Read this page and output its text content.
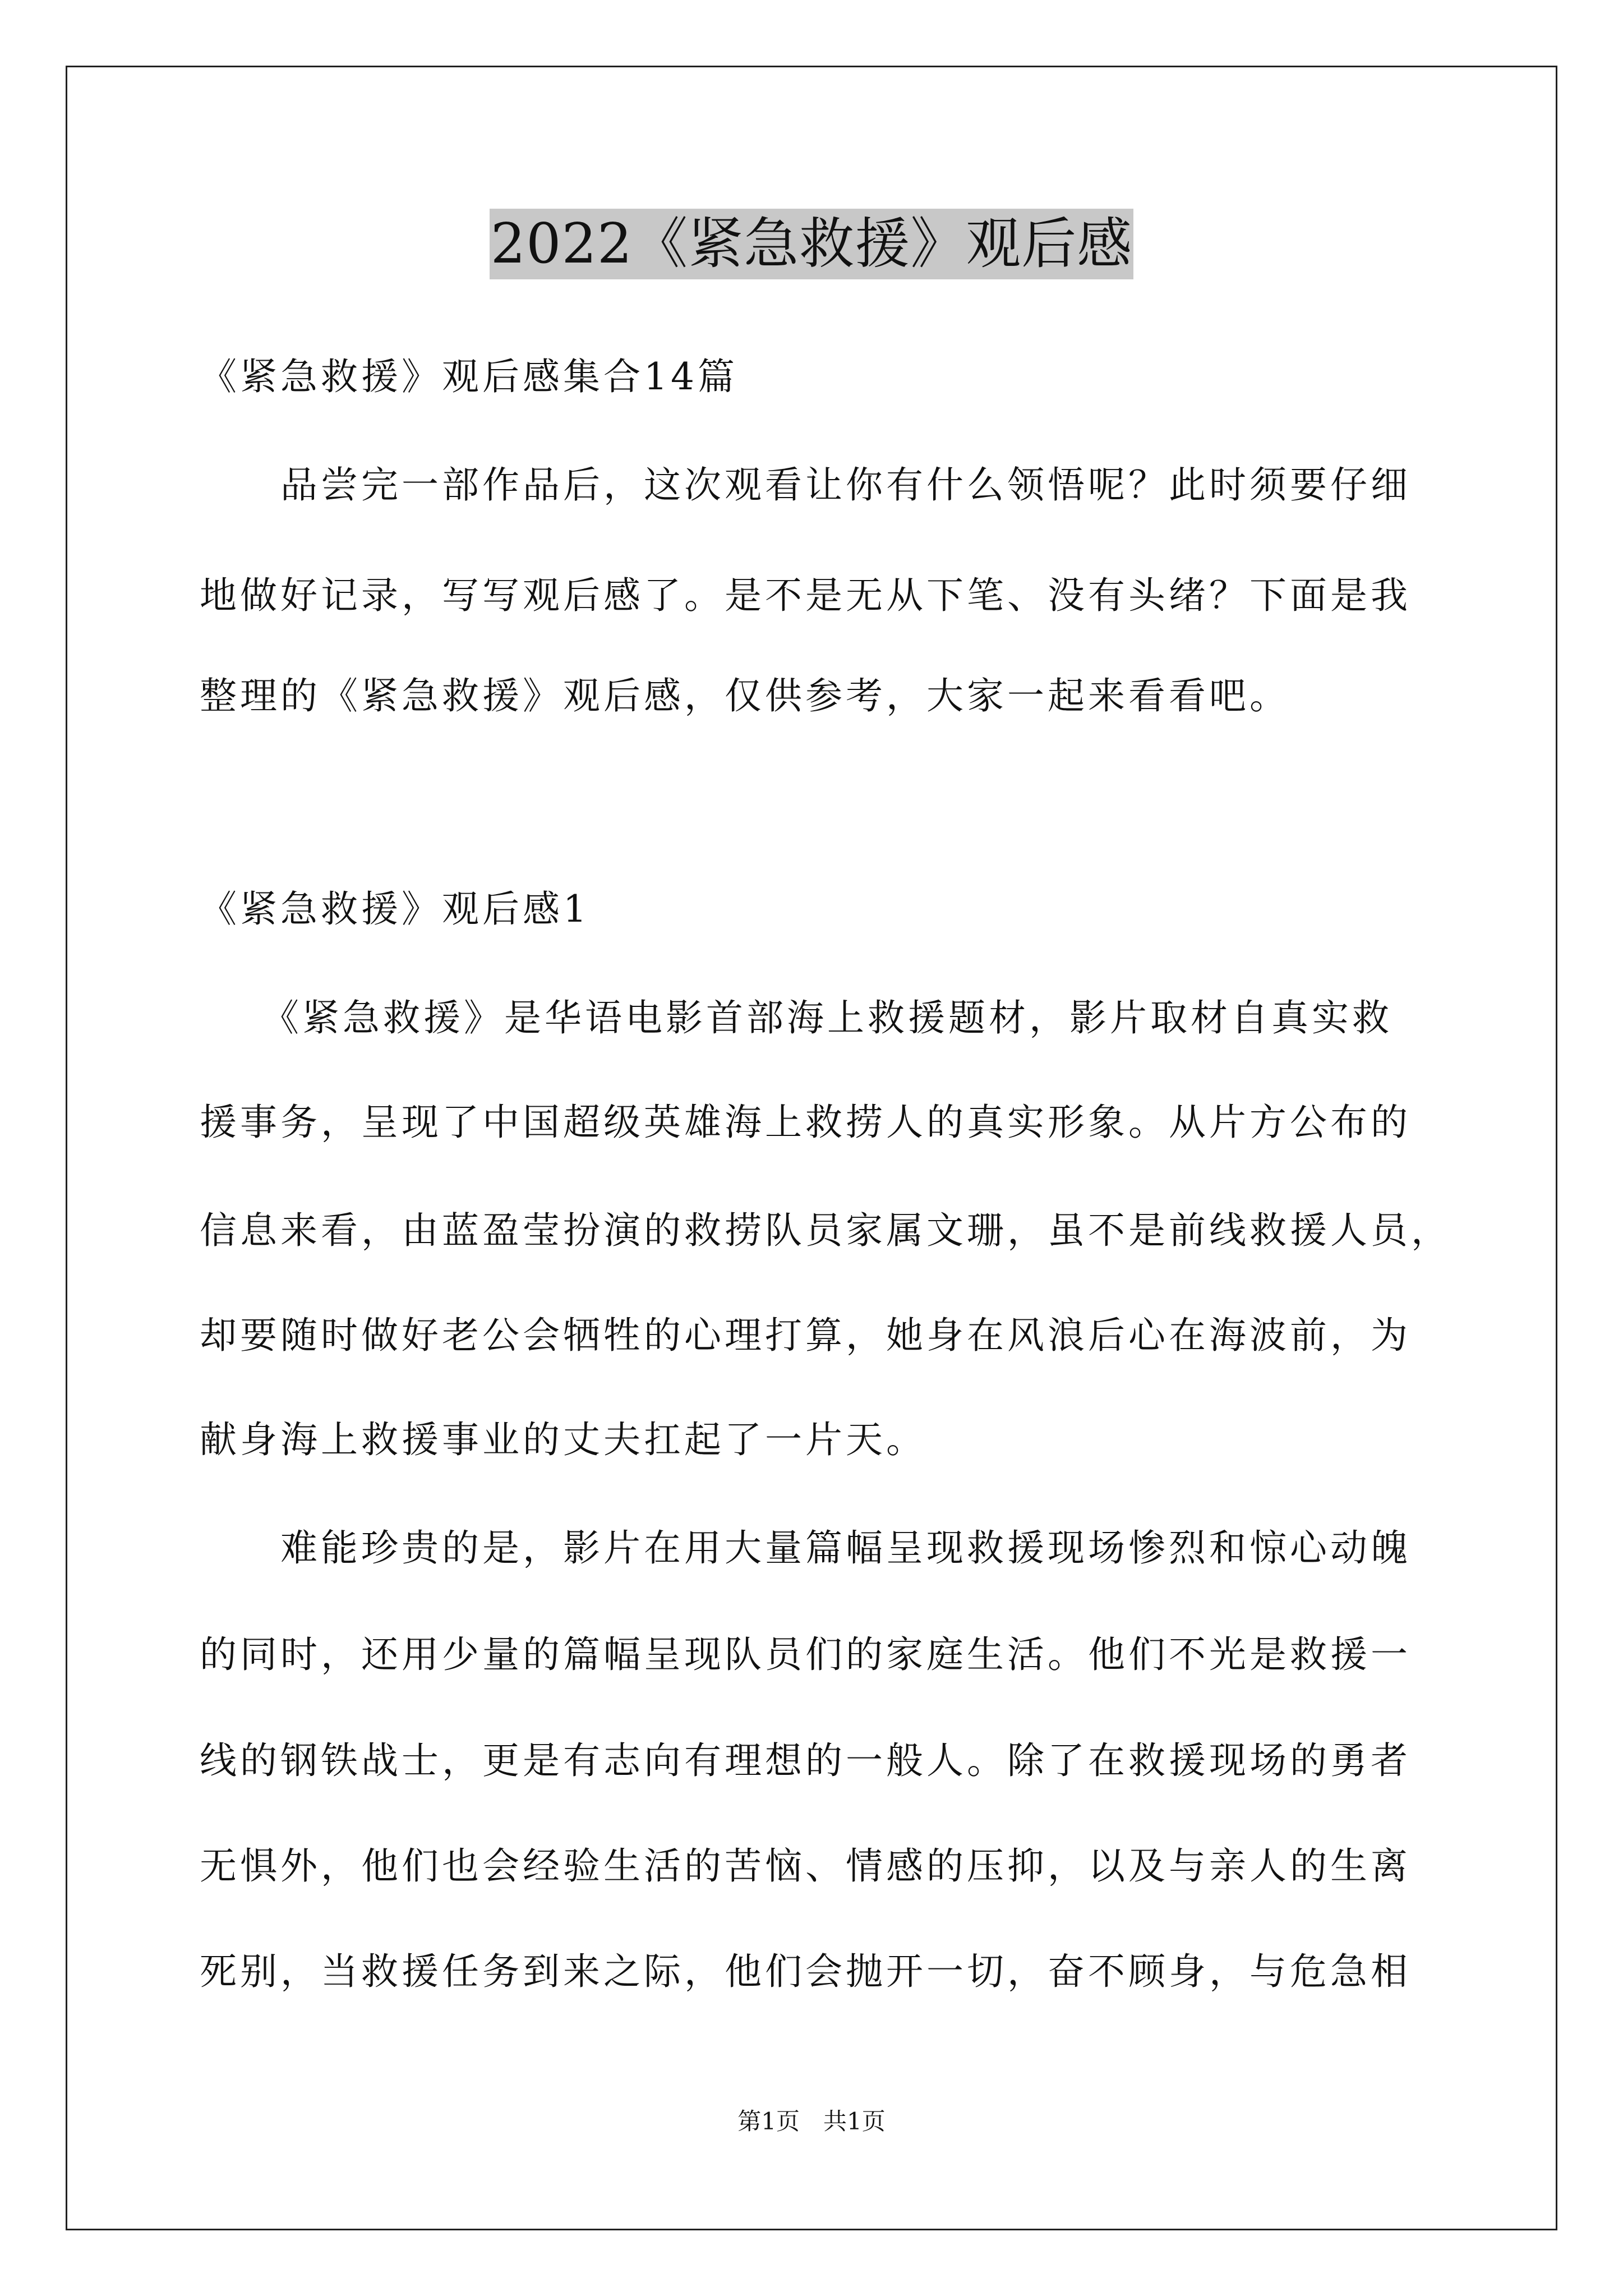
2022《紧急救援》观后感
《紧急救援》观后感集合14篇
　　品尝完一部作品后，这次观看让你有什么领悟呢？此时须要仔细
地做好记录，写写观后感了。是不是无从下笔、没有头绪？下面是我
整理的《紧急救援》观后感，仅供参考，大家一起来看看吧。
《紧急救援》观后感1
　　《紧急救援》是华语电影首部海上救援题材，影片取材自真实救
援事务，呈现了中国超级英雄海上救捞人的真实形象。从片方公布的
信息来看，由蓝盈莹扮演的救捞队员家属文珊，虽不是前线救援人员，
却要随时做好老公会牺牲的心理打算，她身在风浪后心在海波前，为
献身海上救援事业的丈夫扛起了一片天。
　　难能珍贵的是，影片在用大量篇幅呈现救援现场惨烈和惊心动魄
的同时，还用少量的篇幅呈现队员们的家庭生活。他们不光是救援一
线的钢铁战士，更是有志向有理想的一般人。除了在救援现场的勇者
无惧外，他们也会经验生活的苦恼、情感的压抑，以及与亲人的生离
死别，当救援任务到来之际，他们会抛开一切，奋不顾身，与危急相
第1页　共1页
